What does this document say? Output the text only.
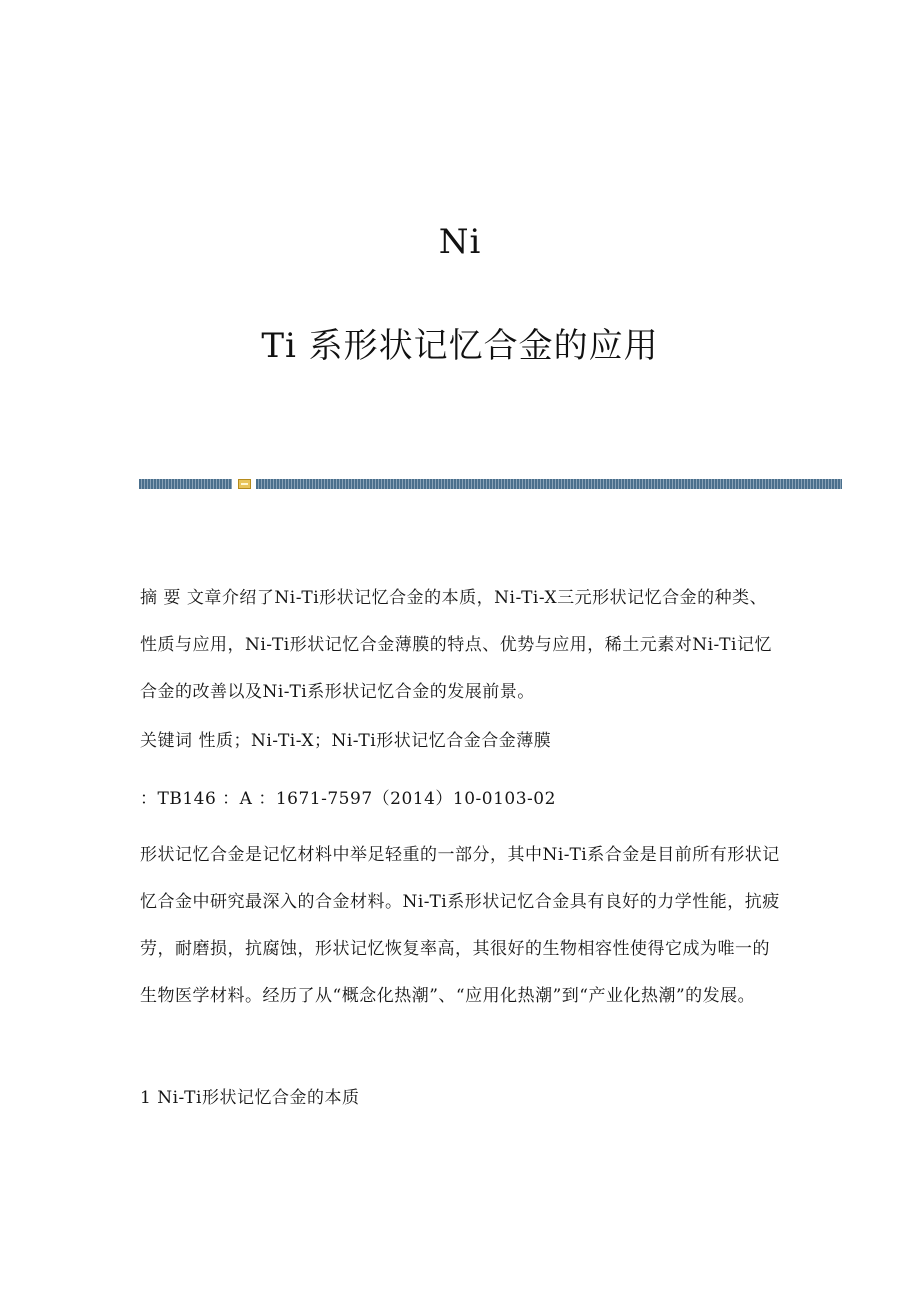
Ni
Ti 系形状记忆合金的应用
摘 要 文章介绍了Ni-Ti形状记忆合金的本质，Ni-Ti-X三元形状记忆合金的种类、性质与应用，Ni-Ti形状记忆合金薄膜的特点、优势与应用，稀土元素对Ni-Ti记忆合金的改善以及Ni-Ti系形状记忆合金的发展前景。
关键词 性质；Ni-Ti-X；Ni-Ti形状记忆合金合金薄膜
：TB146 ：A ：1671-7597（2014）10-0103-02
形状记忆合金是记忆材料中举足轻重的一部分，其中Ni-Ti系合金是目前所有形状记忆合金中研究最深入的合金材料。Ni-Ti系形状记忆合金具有良好的力学性能，抗疲劳，耐磨损，抗腐蚀，形状记忆恢复率高，其很好的生物相容性使得它成为唯一的生物医学材料。经历了从“概念化热潮”、“应用化热潮”到“产业化热潮”的发展。
1 Ni-Ti形状记忆合金的本质
